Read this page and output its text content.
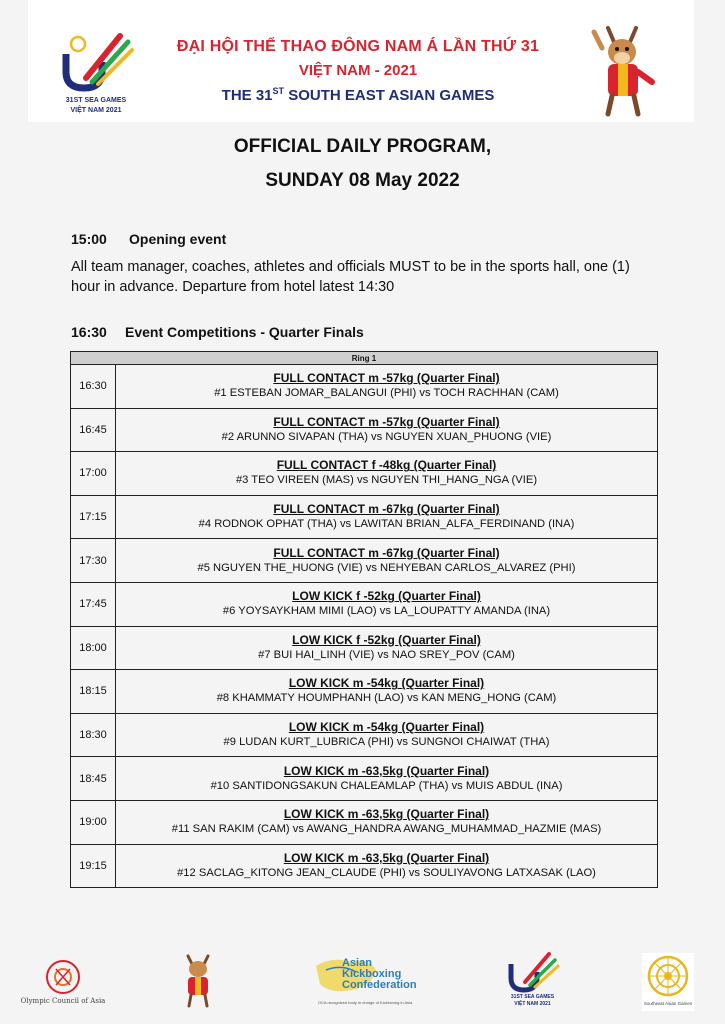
31ST SEA GAMES
VIỆT NAM 2021
ĐẠI HỘI THỂ THAO ĐÔNG NAM Á LẦN THỨ 31
VIỆT NAM - 2021
THE 31ST SOUTH EAST ASIAN GAMES
OFFICIAL DAILY PROGRAM,
SUNDAY 08 May 2022
15:00 Opening event
All team manager, coaches, athletes and officials MUST to be in the sports hall, one (1) hour in advance. Departure from hotel latest 14:30
16:30 Event Competitions - Quarter Finals
Ring 1	
16:30	FULL CONTACT m -57kg (Quarter Final)
#1 ESTEBAN JOMAR_BALANGUI (PHI) vs TOCH RACHHAN (CAM)

16:45	FULL CONTACT m -57kg (Quarter Final)
#2 ARUNNO SIVAPAN (THA) vs NGUYEN XUAN_PHUONG (VIE)

17:00	FULL CONTACT f -48kg (Quarter Final)
#3 TEO VIREEN (MAS) vs NGUYEN THI_HANG_NGA (VIE)

17:15	FULL CONTACT m -67kg (Quarter Final)
#4 RODNOK OPHAT (THA) vs LAWITAN BRIAN_ALFA_FERDINAND (INA)

17:30	FULL CONTACT m -67kg (Quarter Final)
#5 NGUYEN THE_HUONG (VIE) vs NEHYEBAN CARLOS_ALVAREZ (PHI)

17:45	LOW KICK f -52kg (Quarter Final)
#6 YOYSAYKHAM MIMI (LAO) vs LA_LOUPATTY AMANDA (INA)

18:00	LOW KICK f -52kg (Quarter Final)
#7 BUI HAI_LINH (VIE) vs NAO SREY_POV (CAM)

18:15	LOW KICK m -54kg (Quarter Final)
#8 KHAMMATY HOUMPHANH (LAO) vs KAN MENG_HONG (CAM)

18:30	LOW KICK m -54kg (Quarter Final)
#9 LUDAN KURT_LUBRICA (PHI) vs SUNGNOI CHAIWAT (THA)

18:45	LOW KICK m -63,5kg (Quarter Final)
#10 SANTIDONGSAKUN CHALEAMLAP (THA) vs MUIS ABDUL (INA)

19:00	LOW KICK m -63,5kg (Quarter Final)
#11 SAN RAKIM (CAM) vs AWANG_HANDRA AWANG_MUHAMMAD_HAZMIE (MAS)

19:15	LOW KICK m -63,5kg (Quarter Final)
#12 SACLAG_KITONG JEAN_CLAUDE (PHI) vs SOULIYAVONG LATXASAK (LAO)
Olympic Council of Asia
Asian
Kickboxing
Confederation
OCA recognized body in charge of Kickboxing in Asia
31ST SEA GAMES
VIỆT NAM 2021	Southeast Asian Games
